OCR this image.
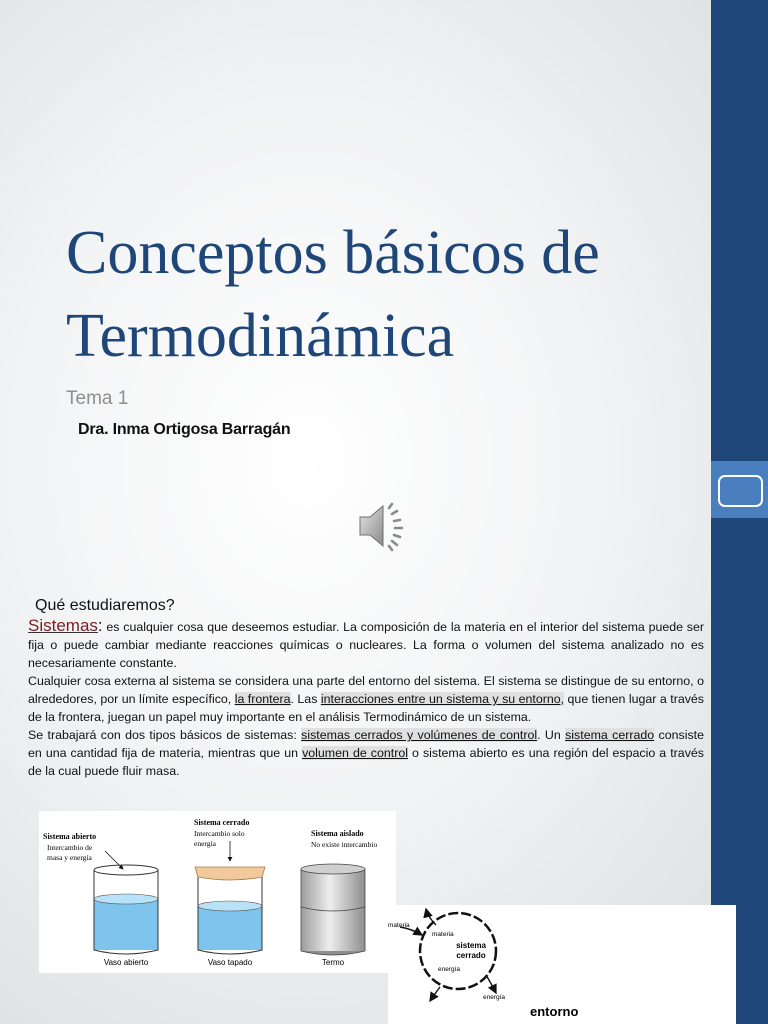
Conceptos básicos de
Termodinámica
Tema 1
Dra. Inma Ortigosa Barragán
Qué estudiaremos?

Sistemas: es cualquier cosa que deseemos estudiar. La composición de la materia en el interior del sistema puede ser fija o puede cambiar mediante reacciones químicas o nucleares. La forma o volumen del sistema analizado no es necesariamente constante.

Cualquier cosa externa al sistema se considera una parte del entorno del sistema. El sistema se distingue de su entorno, o alrededores, por un límite específico, la frontera. Las interacciones entre un sistema y su entorno, que tienen lugar a través de la frontera, juegan un papel muy importante en el análisis Termodinámico de un sistema.

Se trabajará con dos tipos básicos de sistemas: sistemas cerrados y volúmenes de control. Un sistema cerrado consiste en una cantidad fija de materia, mientras que un volumen de control o sistema abierto es una región del espacio a través de la cual puede fluir masa.

Sistema abierto
Intercambio de
masa y energía
Vaso abierto
Sistema cerrado
Intercambio solo
energía
Vaso tapado
Sistema aislado
No existe intercambio
Termo
materia
materia
sistema
cerrado
energía
energía
entorno
